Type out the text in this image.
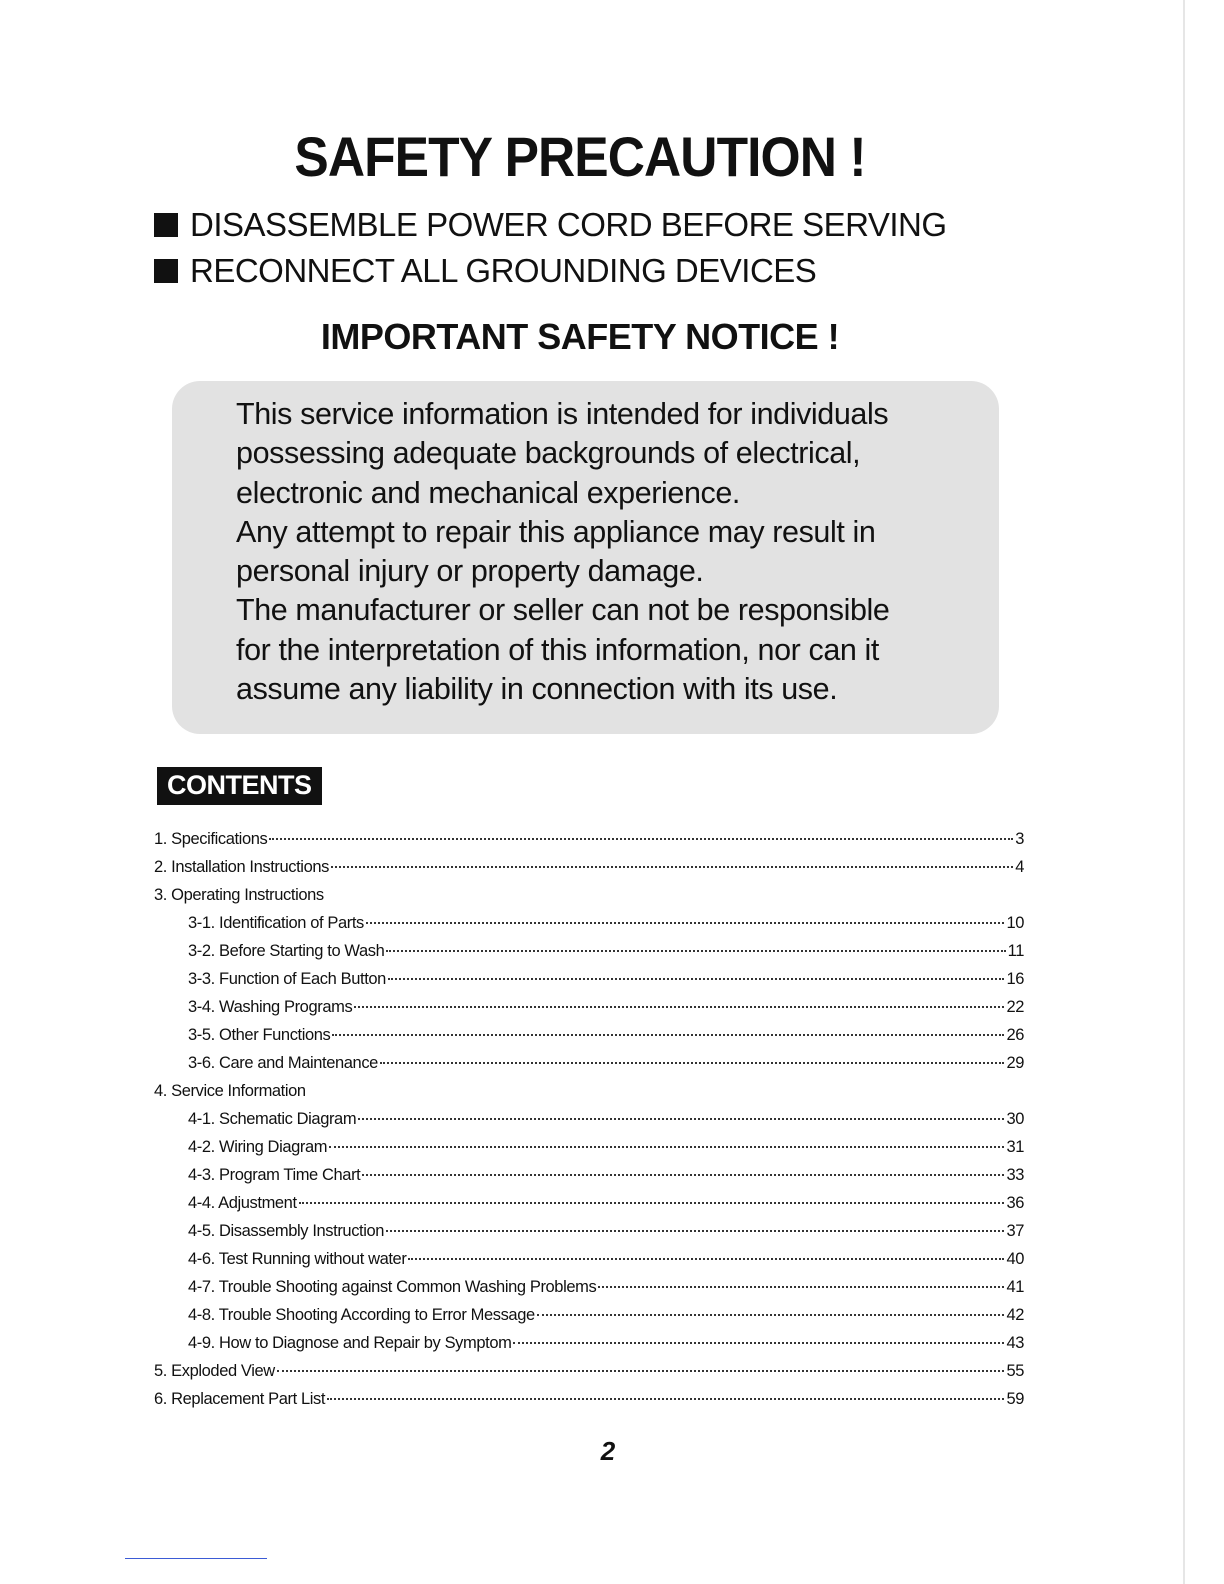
SAFETY PRECAUTION !
DISASSEMBLE POWER CORD BEFORE SERVING
RECONNECT ALL GROUNDING DEVICES
IMPORTANT SAFETY NOTICE !

This service information is intended for individuals

possessing adequate backgrounds of electrical,

electronic and mechanical experience.

Any attempt to repair this appliance may result in

personal injury or property damage.

The manufacturer or seller can not be responsible

for the interpretation of this information, nor can it

assume any liability in connection with its use.

CONTENTS
1. Specifications	3
2. Installation Instructions	4
3. Operating Instructions
3-1. Identification of Parts	10
3-2. Before Starting to Wash	11
3-3. Function of Each Button	16
3-4. Washing Programs	22
3-5. Other Functions	26
3-6. Care and Maintenance	29
4. Service Information
4-1. Schematic Diagram	30
4-2. Wiring Diagram	31
4-3. Program Time Chart	33
4-4. Adjustment	36
4-5. Disassembly Instruction	37
4-6. Test Running without water	40
4-7. Trouble Shooting against Common Washing Problems	41
4-8. Trouble Shooting According to Error Message	42
4-9. How to Diagnose and Repair by Symptom	43
5. Exploded View	55
6. Replacement Part List	59
2
